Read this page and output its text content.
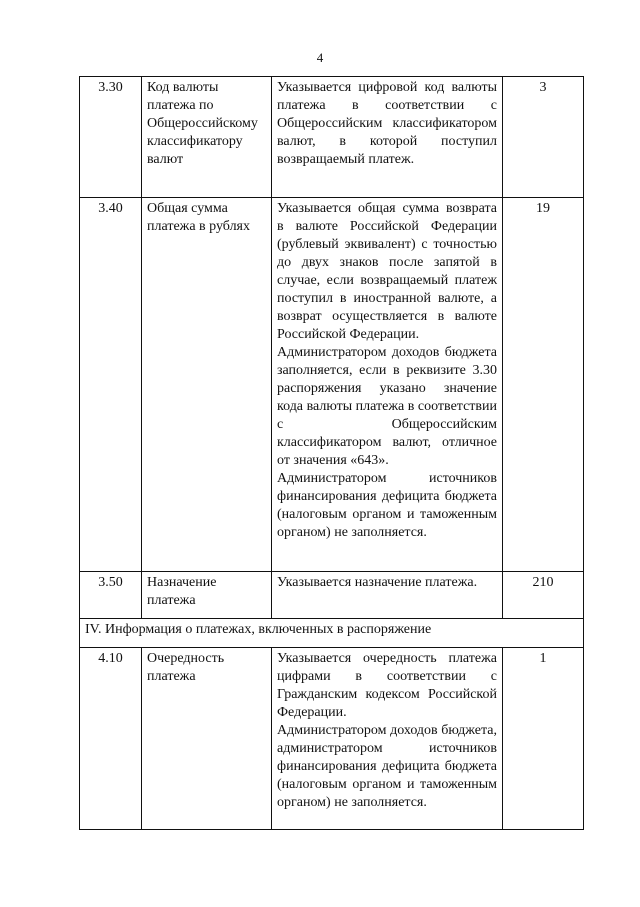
4
3.30	Код валюты платежа по Общероссийскому классификатору валют	Указывается цифровой код валюты платежа в соответствии с Общероссийским классификатором валют, в которой поступил возвращаемый платеж.	3
3.40	Общая сумма платежа в рублях	Указывается общая сумма возврата в валюте Российской Федерации (рублевый эквивалент) с точностью до двух знаков после запятой в случае, если возвращаемый платеж поступил в иностранной валюте, а возврат осуществляется в валюте Российской Федерации.

Администратором доходов бюджета заполняется, если в реквизите 3.30 распоряжения указано значение кода валюты платежа в соответствии с Общероссийским классификатором валют, отличное от значения «643».

Администратором источников финансирования дефицита бюджета (налоговым органом и таможенным органом) не заполняется.	19
3.50	Назначение платежа	Указывается назначение платежа.	210
IV. Информация о платежах, включенных в распоряжение			
4.10	Очередность платежа	Указывается очередность платежа цифрами в соответствии с Гражданским кодексом Российской Федерации.

Администратором доходов бюджета, администратором источников финансирования дефицита бюджета (налоговым органом и таможенным органом) не заполняется.	1
